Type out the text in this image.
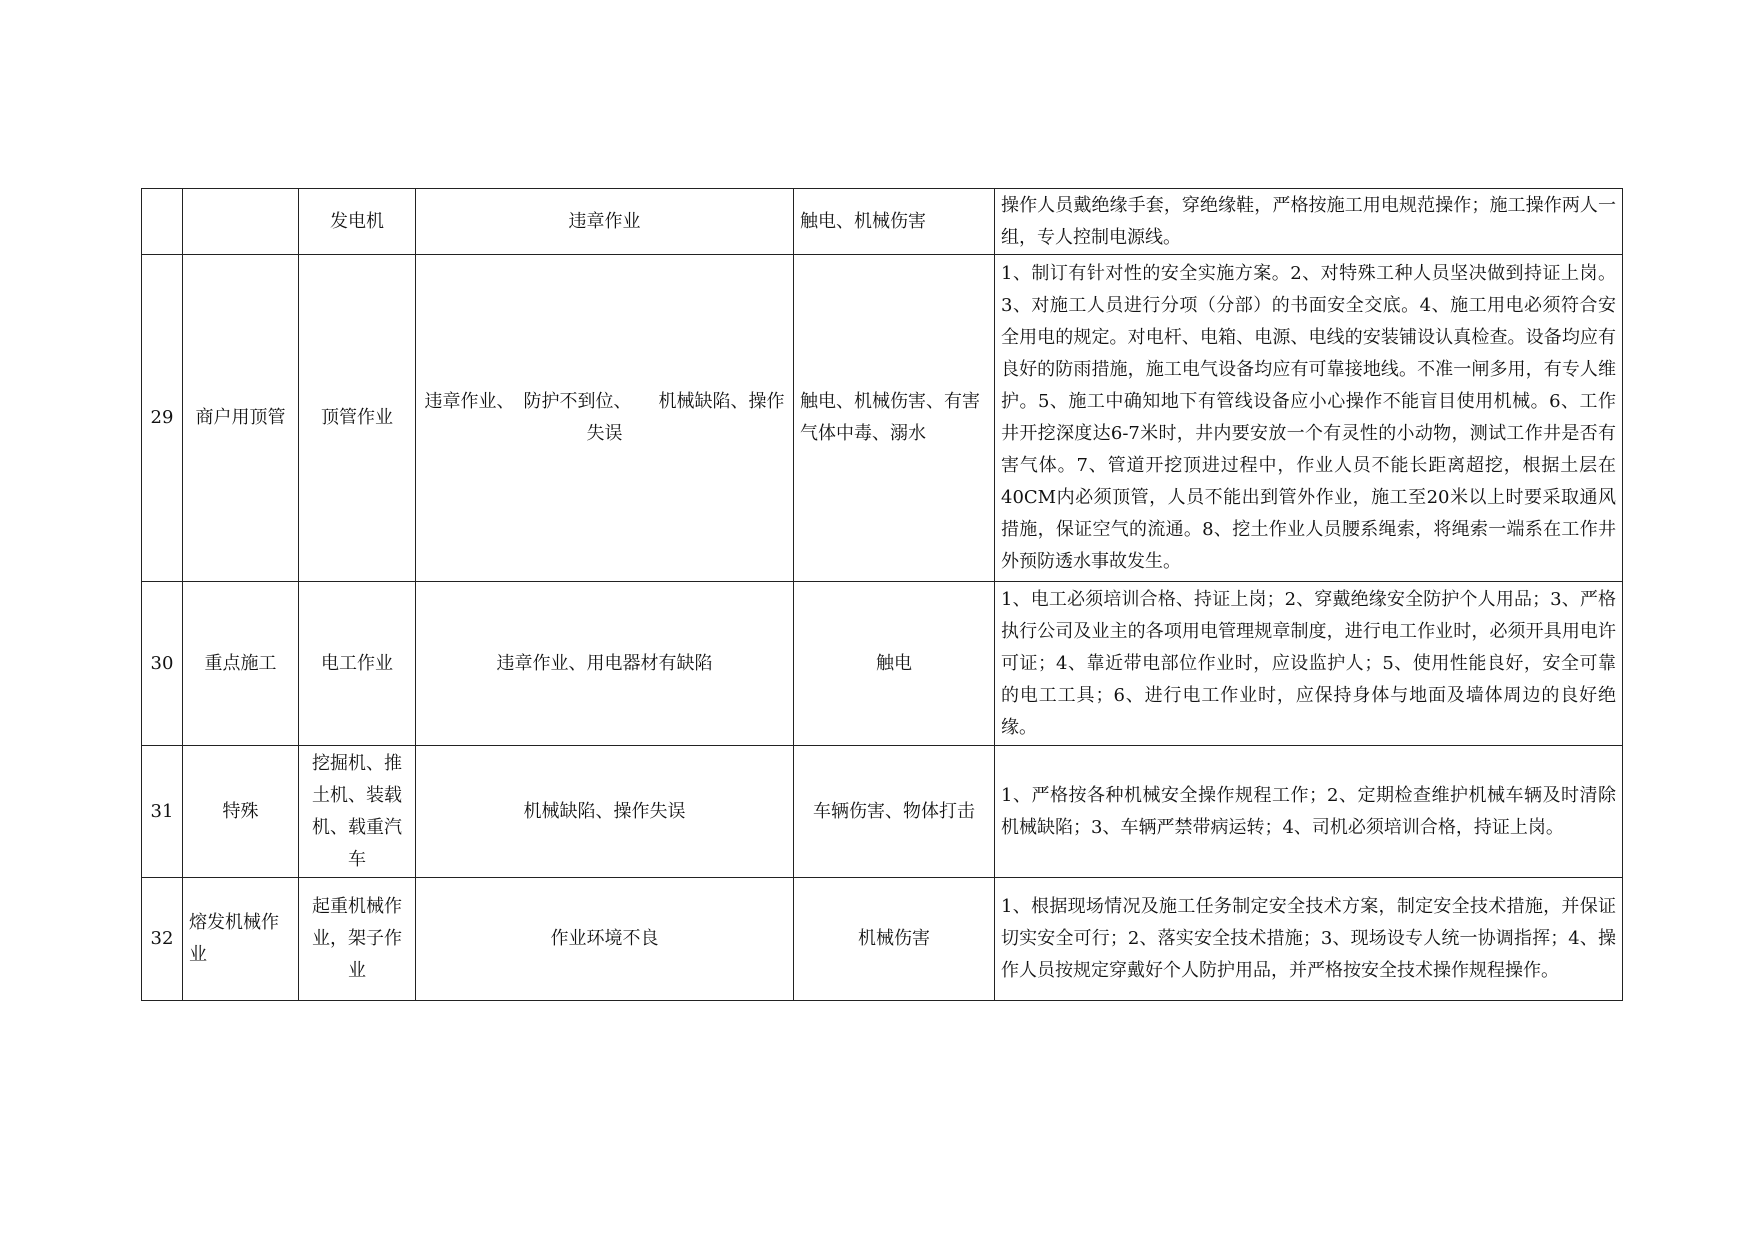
		发电机	违章作业	触电、机械伤害	操作人员戴绝缘手套，穿绝缘鞋，严格按施工用电规范操作；施工操作两人一组，专人控制电源线。
29	商户用顶管	顶管作业	违章作业、　防护不到位、　　机械缺陷、操作失误	触电、机械伤害、有害气体中毒、溺水	1、制订有针对性的安全实施方案。2、对特殊工种人员坚决做到持证上岗。3、对施工人员进行分项（分部）的书面安全交底。4、施工用电必须符合安全用电的规定。对电杆、电箱、电源、电线的安装铺设认真检查。设备均应有良好的防雨措施，施工电气设备均应有可靠接地线。不准一闸多用，有专人维护。5、施工中确知地下有管线设备应小心操作不能盲目使用机械。6、工作井开挖深度达6-7米时，井内要安放一个有灵性的小动物，测试工作井是否有害气体。7、管道开挖顶进过程中，作业人员不能长距离超挖，根据土层在40CM内必须顶管，人员不能出到管外作业，施工至20米以上时要采取通风措施，保证空气的流通。8、挖土作业人员腰系绳索，将绳索一端系在工作井外预防透水事故发生。
30	重点施工	电工作业	违章作业、用电器材有缺陷	触电	1、电工必须培训合格、持证上岗；2、穿戴绝缘安全防护个人用品；3、严格执行公司及业主的各项用电管理规章制度，进行电工作业时，必须开具用电许可证；4、靠近带电部位作业时，应设监护人；5、使用性能良好，安全可靠的电工工具；6、进行电工作业时，应保持身体与地面及墙体周边的良好绝缘。
31	特殊	挖掘机、推土机、装载机、载重汽车	机械缺陷、操作失误	车辆伤害、物体打击	1、严格按各种机械安全操作规程工作；2、定期检查维护机械车辆及时清除机械缺陷；3、车辆严禁带病运转；4、司机必须培训合格，持证上岗。
32	熔发机械作业	起重机械作业，架子作业	作业环境不良	机械伤害	1、根据现场情况及施工任务制定安全技术方案，制定安全技术措施，并保证切实安全可行；2、落实安全技术措施；3、现场设专人统一协调指挥；4、操作人员按规定穿戴好个人防护用品，并严格按安全技术操作规程操作。
